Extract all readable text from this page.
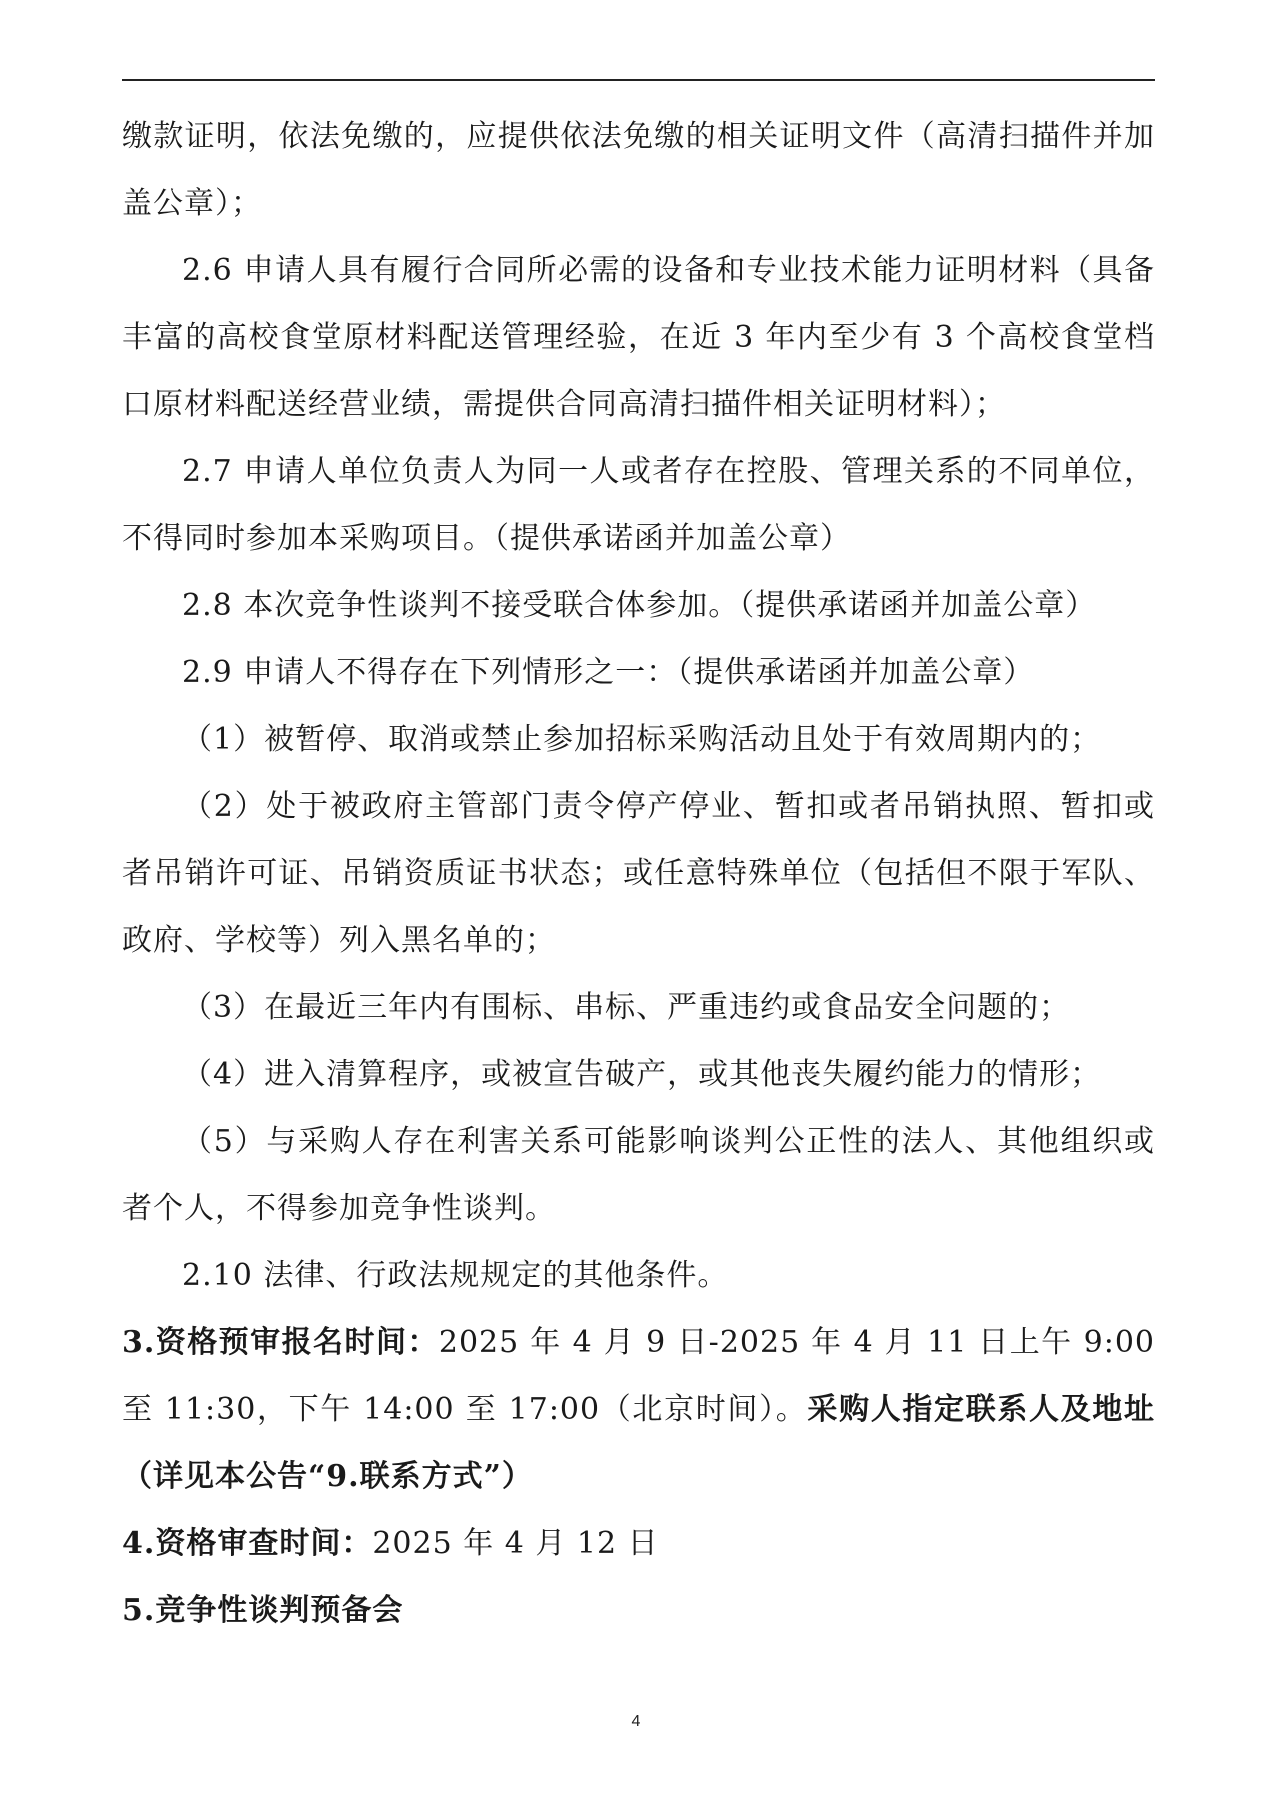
缴款证明，依法免缴的，应提供依法免缴的相关证明文件（高清扫描件并加盖公章）；

2.6 申请人具有履行合同所必需的设备和专业技术能力证明材料（具备丰富的高校食堂原材料配送管理经验，在近 3 年内至少有 3 个高校食堂档口原材料配送经营业绩，需提供合同高清扫描件相关证明材料）；

2.7 申请人单位负责人为同一人或者存在控股、管理关系的不同单位，不得同时参加本采购项目。（提供承诺函并加盖公章）

2.8 本次竞争性谈判不接受联合体参加。（提供承诺函并加盖公章）

2.9 申请人不得存在下列情形之一：（提供承诺函并加盖公章）

（1）被暂停、取消或禁止参加招标采购活动且处于有效周期内的；

（2）处于被政府主管部门责令停产停业、暂扣或者吊销执照、暂扣或者吊销许可证、吊销资质证书状态；或任意特殊单位（包括但不限于军队、政府、学校等）列入黑名单的；

（3）在最近三年内有围标、串标、严重违约或食品安全问题的；

（4）进入清算程序，或被宣告破产，或其他丧失履约能力的情形；

（5）与采购人存在利害关系可能影响谈判公正性的法人、其他组织或者个人，不得参加竞争性谈判。

2.10 法律、行政法规规定的其他条件。

3.资格预审报名时间：2025 年 4 月 9 日-2025 年 4 月 11 日上午 9:00 至 11:30，下午 14:00 至 17:00（北京时间）。采购人指定联系人及地址（详见本公告“9.联系方式”）

4.资格审查时间：2025 年 4 月 12 日

5.竞争性谈判预备会

4
